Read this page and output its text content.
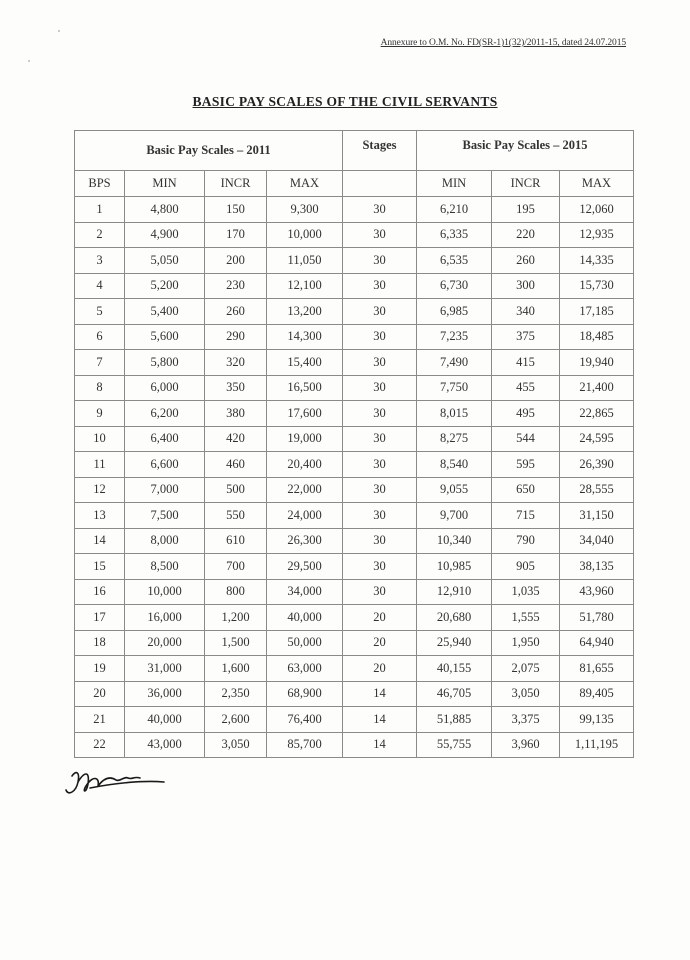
Annexure to O.M. No. FD(SR-1)1(32)/2011-15, dated 24.07.2015
BASIC PAY SCALES OF THE CIVIL SERVANTS
Basic Pay Scales – 2011				Stages	Basic Pay Scales – 2015		
BPS	MIN	INCR	MAX		MIN	INCR	MAX
1	4,800	150	9,300	30	6,210	195	12,060
2	4,900	170	10,000	30	6,335	220	12,935
3	5,050	200	11,050	30	6,535	260	14,335
4	5,200	230	12,100	30	6,730	300	15,730
5	5,400	260	13,200	30	6,985	340	17,185
6	5,600	290	14,300	30	7,235	375	18,485
7	5,800	320	15,400	30	7,490	415	19,940
8	6,000	350	16,500	30	7,750	455	21,400
9	6,200	380	17,600	30	8,015	495	22,865
10	6,400	420	19,000	30	8,275	544	24,595
11	6,600	460	20,400	30	8,540	595	26,390
12	7,000	500	22,000	30	9,055	650	28,555
13	7,500	550	24,000	30	9,700	715	31,150
14	8,000	610	26,300	30	10,340	790	34,040
15	8,500	700	29,500	30	10,985	905	38,135
16	10,000	800	34,000	30	12,910	1,035	43,960
17	16,000	1,200	40,000	20	20,680	1,555	51,780
18	20,000	1,500	50,000	20	25,940	1,950	64,940
19	31,000	1,600	63,000	20	40,155	2,075	81,655
20	36,000	2,350	68,900	14	46,705	3,050	89,405
21	40,000	2,600	76,400	14	51,885	3,375	99,135
22	43,000	3,050	85,700	14	55,755	3,960	1,11,195
